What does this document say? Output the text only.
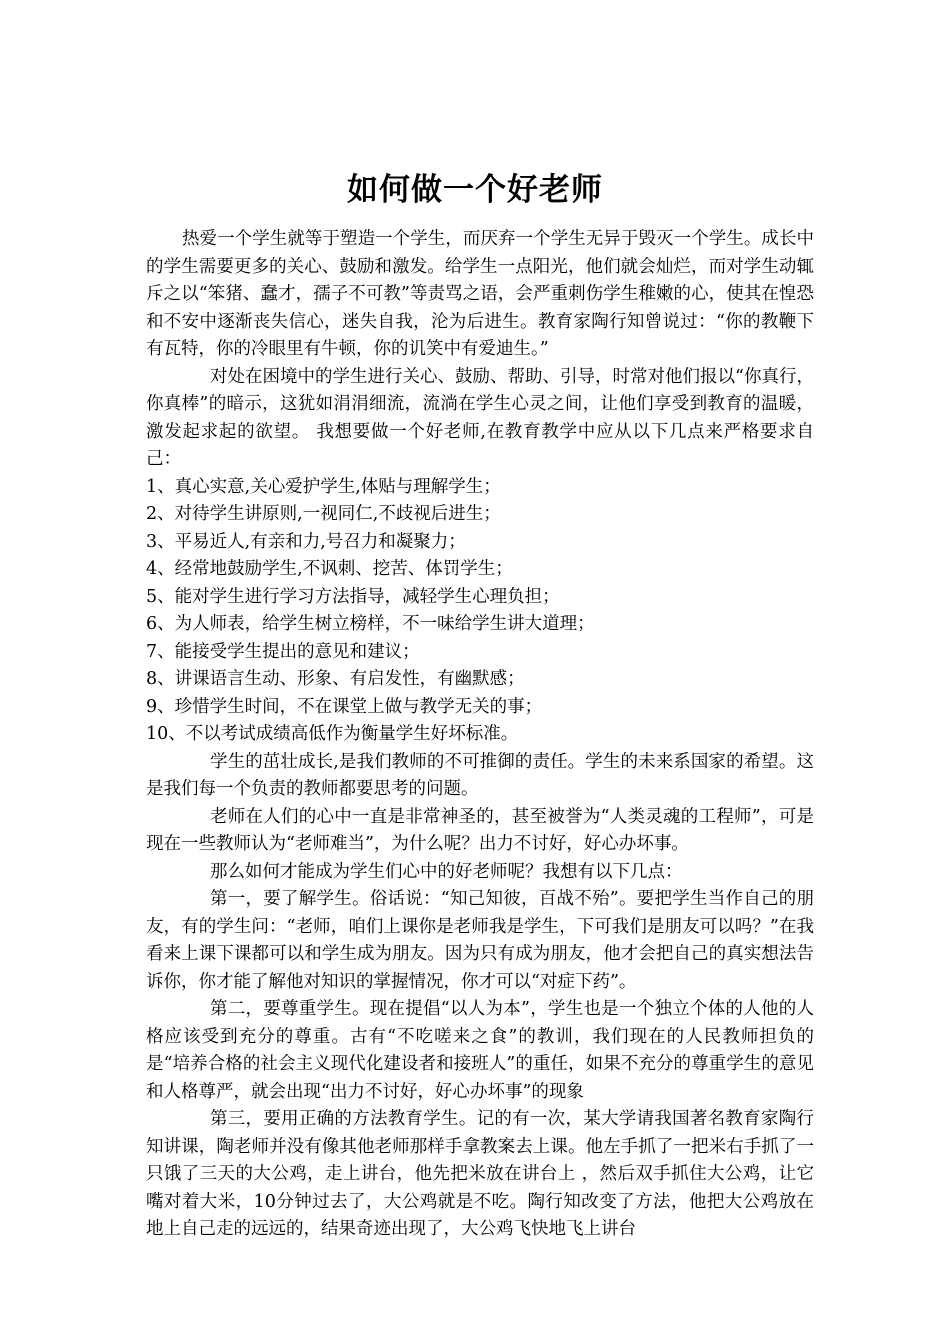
如何做一个好老师

热爱一个学生就等于塑造一个学生，而厌弃一个学生无异于毁灭一个学生。成长中的学生需要更多的关心、鼓励和激发。给学生一点阳光，他们就会灿烂，而对学生动辄斥之以“笨猪、蠢才，孺子不可教”等责骂之语，会严重刺伤学生稚嫩的心，使其在惶恐和不安中逐渐丧失信心，迷失自我，沦为后进生。教育家陶行知曾说过：“你的教鞭下有瓦特，你的冷眼里有牛顿，你的讥笑中有爱迪生。”

对处在困境中的学生进行关心、鼓励、帮助、引导，时常对他们报以“你真行，你真棒”的暗示，这犹如涓涓细流，流淌在学生心灵之间，让他们享受到教育的温暖，激发起求起的欲望。 我想要做一个好老师,在教育教学中应从以下几点来严格要求自己：

1、真心实意,关心爱护学生,体贴与理解学生；

2、对待学生讲原则,一视同仁,不歧视后进生；

3、平易近人,有亲和力,号召力和凝聚力；

4、经常地鼓励学生,不讽刺、挖苦、体罚学生；

5、能对学生进行学习方法指导，减轻学生心理负担；

6、为人师表，给学生树立榜样，不一味给学生讲大道理；

7、能接受学生提出的意见和建议；

8、讲课语言生动、形象、有启发性，有幽默感；

9、珍惜学生时间，不在课堂上做与教学无关的事；

10、不以考试成绩高低作为衡量学生好坏标准。

学生的茁壮成长,是我们教师的不可推御的责任。学生的未来系国家的希望。这是我们每一个负责的教师都要思考的问题。

老师在人们的心中一直是非常神圣的，甚至被誉为“人类灵魂的工程师”，可是现在一些教师认为“老师难当”，为什么呢？出力不讨好，好心办坏事。

那么如何才能成为学生们心中的好老师呢？我想有以下几点：

第一，要了解学生。俗话说：“知己知彼，百战不殆”。要把学生当作自己的朋友，有的学生问：“老师，咱们上课你是老师我是学生，下可我们是朋友可以吗？”在我看来上课下课都可以和学生成为朋友。因为只有成为朋友，他才会把自己的真实想法告诉你，你才能了解他对知识的掌握情况，你才可以“对症下药”。

第二，要尊重学生。现在提倡“以人为本”，学生也是一个独立个体的人他的人格应该受到充分的尊重。古有“不吃嗟来之食”的教训，我们现在的人民教师担负的是“培养合格的社会主义现代化建设者和接班人”的重任，如果不充分的尊重学生的意见和人格尊严，就会出现“出力不讨好，好心办坏事”的现象

第三，要用正确的方法教育学生。记的有一次，某大学请我国著名教育家陶行知讲课，陶老师并没有像其他老师那样手拿教案去上课。他左手抓了一把米右手抓了一只饿了三天的大公鸡，走上讲台，他先把米放在讲台上 ，然后双手抓住大公鸡，让它嘴对着大米，10分钟过去了，大公鸡就是不吃。陶行知改变了方法，他把大公鸡放在地上自己走的远远的，结果奇迹出现了，大公鸡飞快地飞上讲台
